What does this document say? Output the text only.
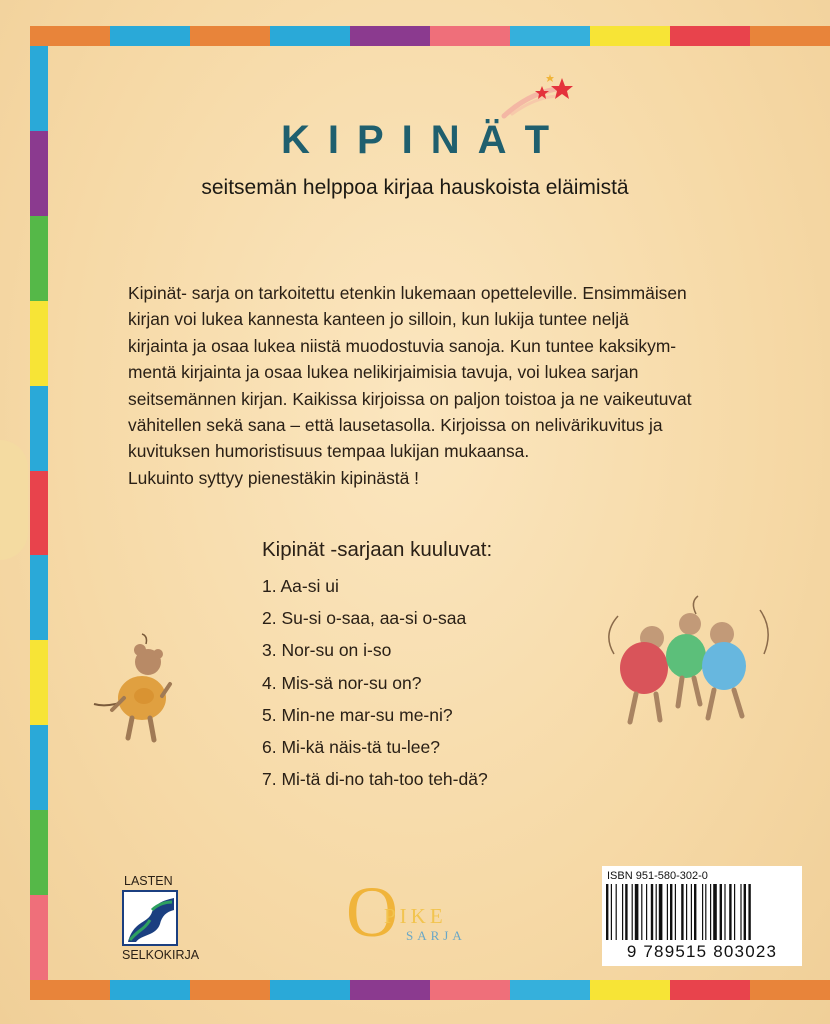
KIPINÄT
seitsemän helppoa kirjaa hauskoista eläimistä
Kipinät- sarja on tarkoitettu etenkin lukemaan opetteleville. Ensimmäisen
kirjan voi lukea kannesta kanteen jo silloin, kun lukija tuntee neljä
kirjainta ja osaa lukea niistä muodostuvia sanoja. Kun tuntee kaksikym-
mentä kirjainta ja osaa lukea nelikirjaimisia tavuja, voi lukea sarjan
seitsemännen kirjan. Kaikissa kirjoissa on paljon toistoa ja ne vaikeutuvat
vähitellen sekä sana – että lausetasolla. Kirjoissa on nelivärikuvitus ja
kuvituksen humoristisuus tempaa lukijan mukaansa.
Lukuinto syttyy pienestäkin kipinästä !
Kipinät -sarjaan kuuluvat:
1. Aa-si ui
2. Su-si o-saa, aa-si o-saa
3. Nor-su on i-so
4. Mis-sä nor-su on?
5. Min-ne mar-su me-ni?
6. Mi-kä näis-tä tu-lee?
7. Mi-tä di-no tah-too teh-dä?
LASTEN
SELKOKIRJA
O
PIKE
SARJA
ISBN 951-580-302-0
9 789515 803023
